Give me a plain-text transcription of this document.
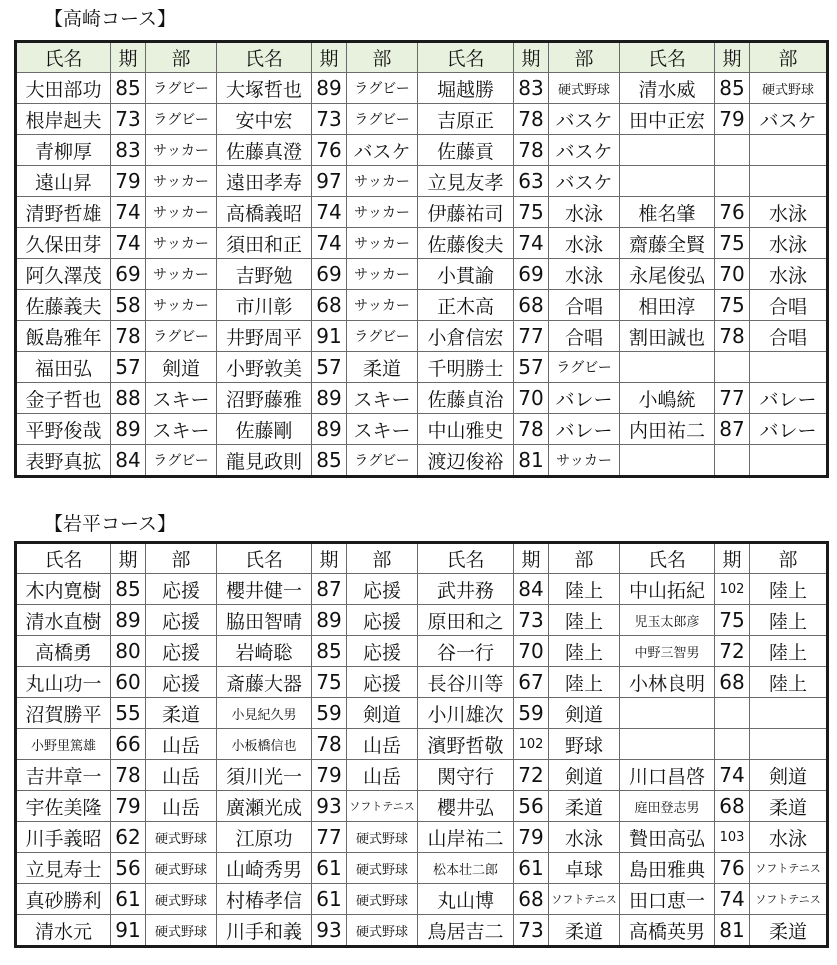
【高崎コース】
氏名	期	部	氏名	期	部	氏名	期	部	氏名	期	部
大田部功	85	ラグビー	大塚哲也	89	ラグビー	堀越勝	83	硬式野球	清水威	85	硬式野球
根岸赳夫	73	ラグビー	安中宏	73	ラグビー	吉原正	78	バスケ	田中正宏	79	バスケ
青柳厚	83	サッカー	佐藤真澄	76	バスケ	佐藤貢	78	バスケ			
遠山昇	79	サッカー	遠田孝寿	97	サッカー	立見友孝	63	バスケ			
清野哲雄	74	サッカー	高橋義昭	74	サッカー	伊藤祐司	75	水泳	椎名肇	76	水泳
久保田芽	74	サッカー	須田和正	74	サッカー	佐藤俊夫	74	水泳	齋藤全賢	75	水泳
阿久澤茂	69	サッカー	吉野勉	69	サッカー	小貫諭	69	水泳	永尾俊弘	70	水泳
佐藤義夫	58	サッカー	市川彰	68	サッカー	正木高	68	合唱	相田淳	75	合唱
飯島雅年	78	ラグビー	井野周平	91	ラグビー	小倉信宏	77	合唱	割田誠也	78	合唱
福田弘	57	剣道	小野敦美	57	柔道	千明勝士	57	ラグビー			
金子哲也	88	スキー	沼野藤雅	89	スキー	佐藤貞治	70	バレー	小嶋統	77	バレー
平野俊哉	89	スキー	佐藤剛	89	スキー	中山雅史	78	バレー	内田祐二	87	バレー
表野真拡	84	ラグビー	龍見政則	85	ラグビー	渡辺俊裕	81	サッカー			
【岩平コース】
氏名	期	部	氏名	期	部	氏名	期	部	氏名	期	部
木内寛樹	85	応援	櫻井健一	87	応援	武井務	84	陸上	中山拓紀	102	陸上
清水直樹	89	応援	脇田智晴	89	応援	原田和之	73	陸上	児玉太郎彦	75	陸上
高橋勇	80	応援	岩崎聡	85	応援	谷一行	70	陸上	中野三智男	72	陸上
丸山功一	60	応援	斎藤大器	75	応援	長谷川等	67	陸上	小林良明	68	陸上
沼賀勝平	55	柔道	小見紀久男	59	剣道	小川雄次	59	剣道			
小野里篤雄	66	山岳	小板橋信也	78	山岳	濱野哲敬	102	野球			
吉井章一	78	山岳	須川光一	79	山岳	関守行	72	剣道	川口昌啓	74	剣道
宇佐美隆	79	山岳	廣瀬光成	93	ソフトテニス	櫻井弘	56	柔道	庭田登志男	68	柔道
川手義昭	62	硬式野球	江原功	77	硬式野球	山岸祐二	79	水泳	贄田高弘	103	水泳
立見寿士	56	硬式野球	山崎秀男	61	硬式野球	松本壮二郎	61	卓球	島田雅典	76	ソフトテニス
真砂勝利	61	硬式野球	村椿孝信	61	硬式野球	丸山博	68	ソフトテニス	田口恵一	74	ソフトテニス
清水元	91	硬式野球	川手和義	93	硬式野球	鳥居吉二	73	柔道	高橋英男	81	柔道
